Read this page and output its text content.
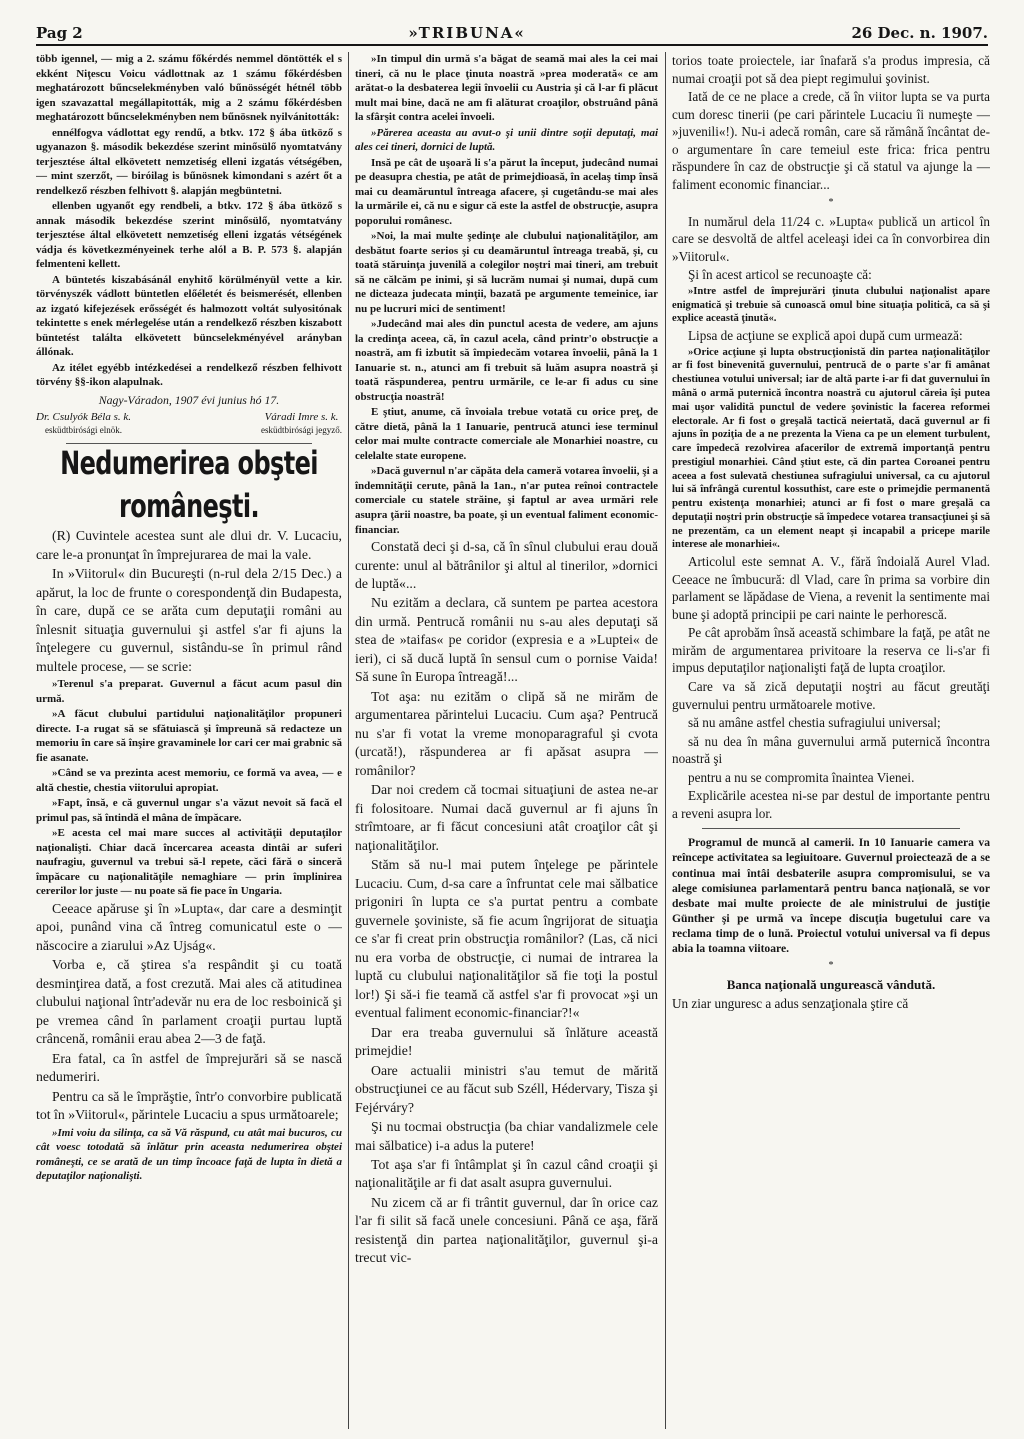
Pag 2	»TRIBUNA«	26 Dec. n. 1907.

több igennel, — mig a 2. számu főkérdés nemmel döntötték el s ekként Niţescu Voicu vádlottnak az 1 számu főkérdésben meghatározott bűncselekményben való bűnösségét hétnél több igen szavazattal megállapitották, mig a 2 számu főkérdésben meghatározott bűncselekményben nem bűnösnek nyilvánitották:

ennélfogva vádlottat egy rendű, a btkv. 172 § ába ütköző s ugyanazon §. második bekezdése szerint minősülő nyomtatvány terjesztése által elkövetett nemzetiség elleni izgatás vétségében, — mint szerzőt, — biróilag is bűnösnek kimondani s azért őt a rendelkező részben felhivott §. alapján megbüntetni.

ellenben ugyanőt egy rendbeli, a btkv. 172 § ába ütköző s annak második bekezdése szerint minősülő, nyomtatvány terjesztése által elkövetett nemzetiség elleni izgatás vétségének vádja és következményeinek terhe alól a B. P. 573 §. alapján felmenteni kellett.

A büntetés kiszabásánál enyhitő körülményül vette a kir. törvényszék vádlott büntetlen előéletét és beismerését, ellenben az izgató kifejezések erősségét és halmozott voltát sulyositónak tekintette s enek mérlegelése után a rendelkező részben kiszabott büntetést találta elkövetett büncselekményével arányban állónak.

Az itélet egyébb intézkedései a rendelkező részben felhivott törvény §§-ikon alapulnak.

Nagy-Váradon, 1907 évi junius hó 17.

Dr. Csulyók Béla s. k.
esküdtbirósági elnök.
Váradi Imre s. k.
esküdtbirósági jegyző.
Nedumerirea obştei româneşti.

(R) Cuvintele acestea sunt ale dlui dr. V. Lucaciu, care le-a pronunţat în împrejurarea de mai la vale.

In »Viitorul« din Bucureşti (n-rul dela 2/15 Dec.) a apărut, la loc de frunte o corespondenţă din Budapesta, în care, după ce se arăta cum deputaţii români au înlesnit situaţia guvernului şi astfel s'ar fi ajuns la înţelegere cu guvernul, sistându-se în primul rând multele procese, — se scrie:

»Terenul s'a preparat. Guvernul a făcut acum pasul din urmă.

»A făcut clubului partidului naţionalităţilor propuneri directe. I-a rugat să se sfătuiască şi împreună să redacteze un memoriu în care să înşire gravaminele lor cari cer mai grabnic să fie asanate.

»Când se va prezinta acest memoriu, ce formă va avea, — e altă chestie, chestia viitorului apropiat.

»Fapt, însă, e că guvernul ungar s'a văzut nevoit să facă el primul pas, să întindă el mâna de împăcare.

»E acesta cel mai mare succes al activităţii deputaţilor naţionalişti. Chiar dacă încercarea aceasta dintâi ar suferi naufragiu, guvernul va trebui să-l repete, căci fără o sinceră împăcare cu naţionalităţile nemaghiare — prin împlinirea cererilor lor juste — nu poate să fie pace în Ungaria.

Ceeace apăruse şi în »Lupta«, dar care a desminţit apoi, punând vina că întreg comunicatul este o — născocire a ziarului »Az Ujság«.

Vorba e, că ştirea s'a respândit şi cu toată desminţirea dată, a fost crezută. Mai ales că atitudinea clubului naţional într'adevăr nu era de loc resboinică şi pe vremea când în parlament croaţii purtau luptă crâncenă, românii erau abea 2—3 de faţă.

Era fatal, ca în astfel de împrejurări să se nască nedumeriri.

Pentru ca să le împrăştie, într'o convorbire publicată tot în »Viitorul«, părintele Lucaciu a spus următoarele;

»Imi voiu da silinţa, ca să Vă răspund, cu atât mai bucuros, cu cât voesc totodată să înlătur prin aceasta nedumerirea obştei româneşti, ce se arată de un timp încoace faţă de lupta în dietă a deputaţilor naţionalişti.

»In timpul din urmă s'a băgat de seamă mai ales la cei mai tineri, că nu le place ţinuta noastră »prea moderată« ce am arătat-o la desbaterea legii învoelii cu Austria şi că l-ar fi plăcut mult mai bine, dacă ne am fi alăturat croaţilor, obstruând până la sfârşit contra acelei învoeli.

»Părerea aceasta au avut-o şi unii dintre soţii deputaţi, mai ales cei tineri, dornici de luptă.

Insă pe cât de uşoară li s'a părut la început, judecând numai pe deasupra chestia, pe atât de primejdioasă, în acelaş timp însă mai cu deamăruntul întreaga afacere, şi cugetându-se mai ales la urmările ei, că nu e sigur că este la astfel de obstrucţie, asupra poporului românesc.

»Noi, la mai multe şedinţe ale clubului naţionalităţilor, am desbătut foarte serios şi cu deamăruntul întreaga treabă, şi, cu toată stăruinţa juvenilă a colegilor noştri mai tineri, am trebuit să ne călcăm pe inimi, şi să lucrăm numai şi numai, după cum ne dicteaza judecata minţii, bazată pe argumente temeinice, iar nu pe lucruri mici de sentiment!

»Judecând mai ales din punctul acesta de vedere, am ajuns la credinţa aceea, că, în cazul acela, când printr'o obstrucţie a noastră, am fi izbutit să împiedecăm votarea învoelii, până la 1 Ianuarie st. n., atunci am fi trebuit să luăm asupra noastră şi toată răspunderea, pentru urmările, ce le-ar fi adus cu sine obstrucţia noastră!

E ştiut, anume, că învoiala trebue votată cu orice preţ, de către dietă, până la 1 Ianuarie, pentrucă atunci iese terminul celor mai multe contracte comerciale ale Monarhiei noastre, cu celelalte state europene.

»Dacă guvernul n'ar căpăta dela cameră votarea învoelii, şi a îndemnităţii cerute, până la 1an., n'ar putea reînoi contractele comerciale cu statele străine, şi faptul ar avea urmări rele asupra ţării noastre, ba poate, şi un eventual faliment economic-financiar.

Constată deci şi d-sa, că în sînul clubului erau două curente: unul al bătrânilor şi altul al tinerilor, »dornici de luptă«...

Nu ezităm a declara, că suntem pe partea acestora din urmă. Pentrucă românii nu s-au ales deputaţi să stea de »taifas« pe coridor (expresia e a »Luptei« de ieri), ci să ducă luptă în sensul cum o pornise Vaida! Să sune în Europa întreagă!...

Tot aşa: nu ezităm o clipă să ne mirăm de argumentarea părintelui Lucaciu. Cum aşa? Pentrucă nu s'ar fi votat la vreme monoparagraful şi cvota (urcată!), răspunderea ar fi apăsat asupra — românilor?

Dar noi credem că tocmai situaţiuni de astea ne-ar fi folositoare. Numai dacă guvernul ar fi ajuns în strîmtoare, ar fi făcut concesiuni atât croaţilor cât şi naţionalităţilor.

Stăm să nu-l mai putem înţelege pe părintele Lucaciu. Cum, d-sa care a înfruntat cele mai sălbatice prigoniri în lupta ce s'a purtat pentru a combate guvernele şoviniste, să fie acum îngrijorat de situaţia ce s'ar fi creat prin obstrucţia românilor? (Las, că nici nu era vorba de obstrucţie, ci numai de intrarea la luptă cu clubului naţionalităţilor să fie toţi la postul lor!) Şi să-i fie teamă că astfel s'ar fi provocat »şi un eventual faliment economic-financiar?!«

Dar era treaba guvernului să înlăture această primejdie!

Oare actualii ministri s'au temut de mărită obstrucţiunei ce au făcut sub Széll, Hédervary, Tisza şi Fejérváry?

Şi nu tocmai obstrucţia (ba chiar vandalizmele cele mai sălbatice) i-a adus la putere!

Tot aşa s'ar fi întâmplat şi în cazul când croaţii şi naţionalităţile ar fi dat asalt asupra guvernului.

Nu zicem că ar fi trântit guvernul, dar în orice caz l'ar fi silit să facă unele concesiuni. Până ce aşa, fără resistenţă din partea naţionalităţilor, guvernul şi-a trecut vic-

torios toate proiectele, iar înafară s'a produs impresia, că numai croaţii pot să dea piept regimului şovinist.

Iată de ce ne place a crede, că în viitor lupta se va purta cum doresc tinerii (pe cari părintele Lucaciu îi numeşte — »juvenili«!). Nu-i adecă român, care să rămână încântat de-o argumentare în care temeiul este frica: frica pentru răspundere în caz de obstrucţie şi că statul va ajunge la — faliment economic financiar...

*

In numărul dela 11/24 c. »Lupta« publică un articol în care se desvoltă de altfel aceleaşi idei ca în convorbirea din »Viitorul«.

Şi în acest articol se recunoaşte că:

»Intre astfel de împrejurări ţinuta clubului naţionalist apare enigmatică şi trebuie să cunoască omul bine situaţia politică, ca să şi explice această ţinută«.

Lipsa de acţiune se explică apoi după cum urmează:

»Orice acţiune şi lupta obstrucţionistă din partea naţionalităţilor ar fi fost binevenită guvernului, pentrucă de o parte s'ar fi amânat chestiunea votului universal; iar de altă parte i-ar fi dat guvernului în mână o armă puternică încontra noastră cu ajutorul căreia îşi putea mai uşor validită punctul de vedere şovinistic la facerea reformei electorale. Ar fi fost o greşală tactică neiertată, dacă guvernul ar fi ajuns în poziţia de a ne prezenta la Viena ca pe un element turbulent, care împedecă rezolvirea afacerilor de extremă importanţă pentru prestigiul monarhiei. Când ştiut este, că din partea Coroanei pentru aceea a fost sulevată chestiunea sufragiului universal, ca cu ajutorul lui să înfrângă curentul kossuthist, care este o primejdie permanentă pentru existenţa monarhiei; atunci ar fi fost o mare greşală ca deputaţii noştri prin obstrucţie să împedece votarea transacţiunei şi să ne prezentăm, ca un element neapt şi incapabil a pricepe marile interese ale monarhiei«.

Articolul este semnat A. V., fără îndoială Aurel Vlad. Ceeace ne îmbucură: dl Vlad, care în prima sa vorbire din parlament se lăpădase de Viena, a revenit la sentimente mai bune şi adoptă principii pe cari nainte le perhorescă.

Pe cât aprobăm însă această schimbare la faţă, pe atât ne mirăm de argumentarea privitoare la reserva ce li-s'ar fi impus deputaţilor naţionalişti faţă de lupta croaţilor.

Care va să zică deputaţii noştri au făcut greutăţi guvernului pentru următoarele motive.

să nu amâne astfel chestia sufragiului universal;

să nu dea în mâna guvernului armă puternică încontra noastră şi

pentru a nu se compromita înaintea Vienei.

Explicările acestea ni-se par destul de importante pentru a reveni asupra lor.

Programul de muncă al camerii. In 10 Ianuarie camera va reîncepe activitatea sa legiuitoare. Guvernul proiectează de a se continua mai întâi desbaterile asupra compromisului, se va alege comisiunea parlamentară pentru banca naţională, se vor desbate mai multe proiecte de ale ministrului de justiţie Günther şi pe urmă va începe discuţia bugetului care va reclama timp de o lună. Proiectul votului universal va fi depus abia la toamna viitoare.

*
Banca naţională ungurească vândută.

Un ziar unguresc a adus senzaţionala ştire că
